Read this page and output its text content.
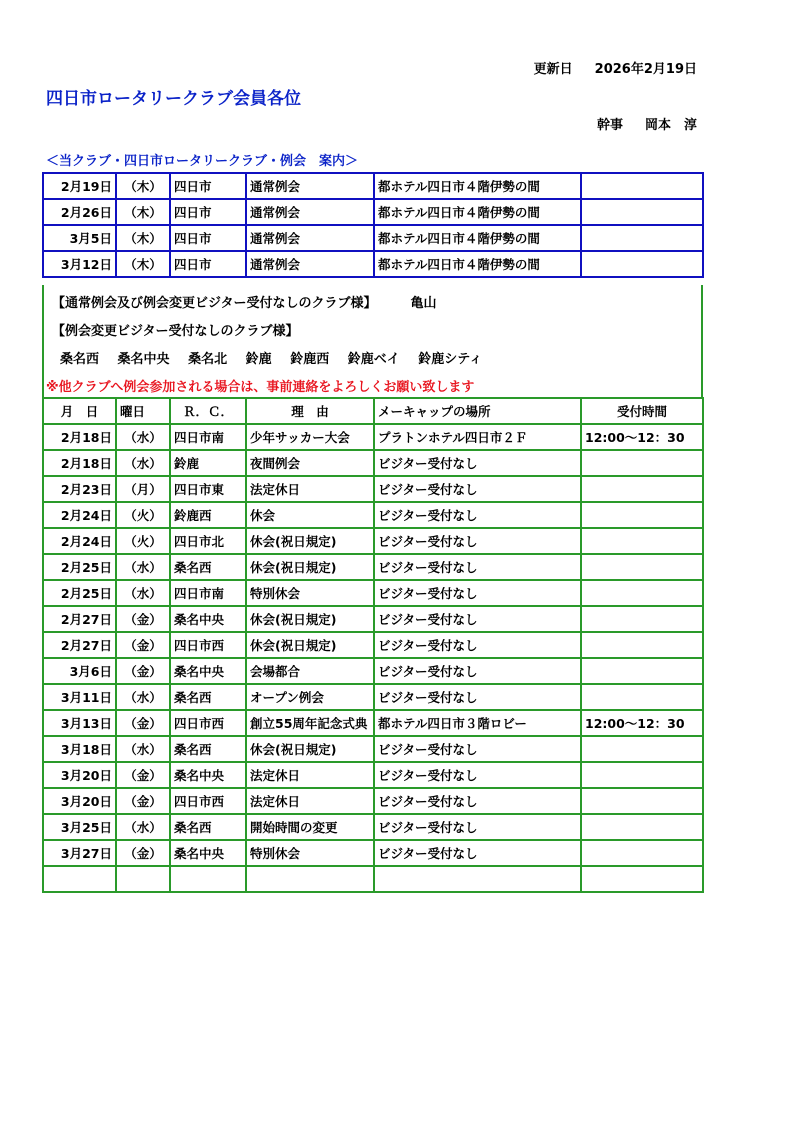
更新日 2026年2月19日
四日市ロータリークラブ会員各位
幹事 岡本　淳
＜当クラブ・四日市ロータリークラブ・例会　案内＞
2月19日	（木）	四日市	通常例会	都ホテル四日市４階伊勢の間	
2月26日	（木）	四日市	通常例会	都ホテル四日市４階伊勢の間	
3月5日	（木）	四日市	通常例会	都ホテル四日市４階伊勢の間	
3月12日	（木）	四日市	通常例会	都ホテル四日市４階伊勢の間	
【通常例会及び例会変更ビジター受付なしのクラブ様】	亀山
【例会変更ビジター受付なしのクラブ様】
桑名西 桑名中央 桑名北 鈴鹿 鈴鹿西 鈴鹿ベイ 鈴鹿シティ
※他クラブへ例会参加される場合は、事前連絡をよろしくお願い致します
月　日	曜日	Ｒ．Ｃ．	理　由	メーキャップの場所	受付時間
2月18日	（水）	四日市南	少年サッカー大会	プラトンホテル四日市２Ｆ	12:00～12：30
2月18日	（水）	鈴鹿	夜間例会	ビジター受付なし	
2月23日	（月）	四日市東	法定休日	ビジター受付なし	
2月24日	（火）	鈴鹿西	休会	ビジター受付なし	
2月24日	（火）	四日市北	休会(祝日規定)	ビジター受付なし	
2月25日	（水）	桑名西	休会(祝日規定)	ビジター受付なし	
2月25日	（水）	四日市南	特別休会	ビジター受付なし	
2月27日	（金）	桑名中央	休会(祝日規定)	ビジター受付なし	
2月27日	（金）	四日市西	休会(祝日規定)	ビジター受付なし	
3月6日	（金）	桑名中央	会場都合	ビジター受付なし	
3月11日	（水）	桑名西	オープン例会	ビジター受付なし	
3月13日	（金）	四日市西	創立55周年記念式典	都ホテル四日市３階ロビー	12:00～12：30
3月18日	（水）	桑名西	休会(祝日規定)	ビジター受付なし	
3月20日	（金）	桑名中央	法定休日	ビジター受付なし	
3月20日	（金）	四日市西	法定休日	ビジター受付なし	
3月25日	（水）	桑名西	開始時間の変更	ビジター受付なし	
3月27日	（金）	桑名中央	特別休会	ビジター受付なし	
